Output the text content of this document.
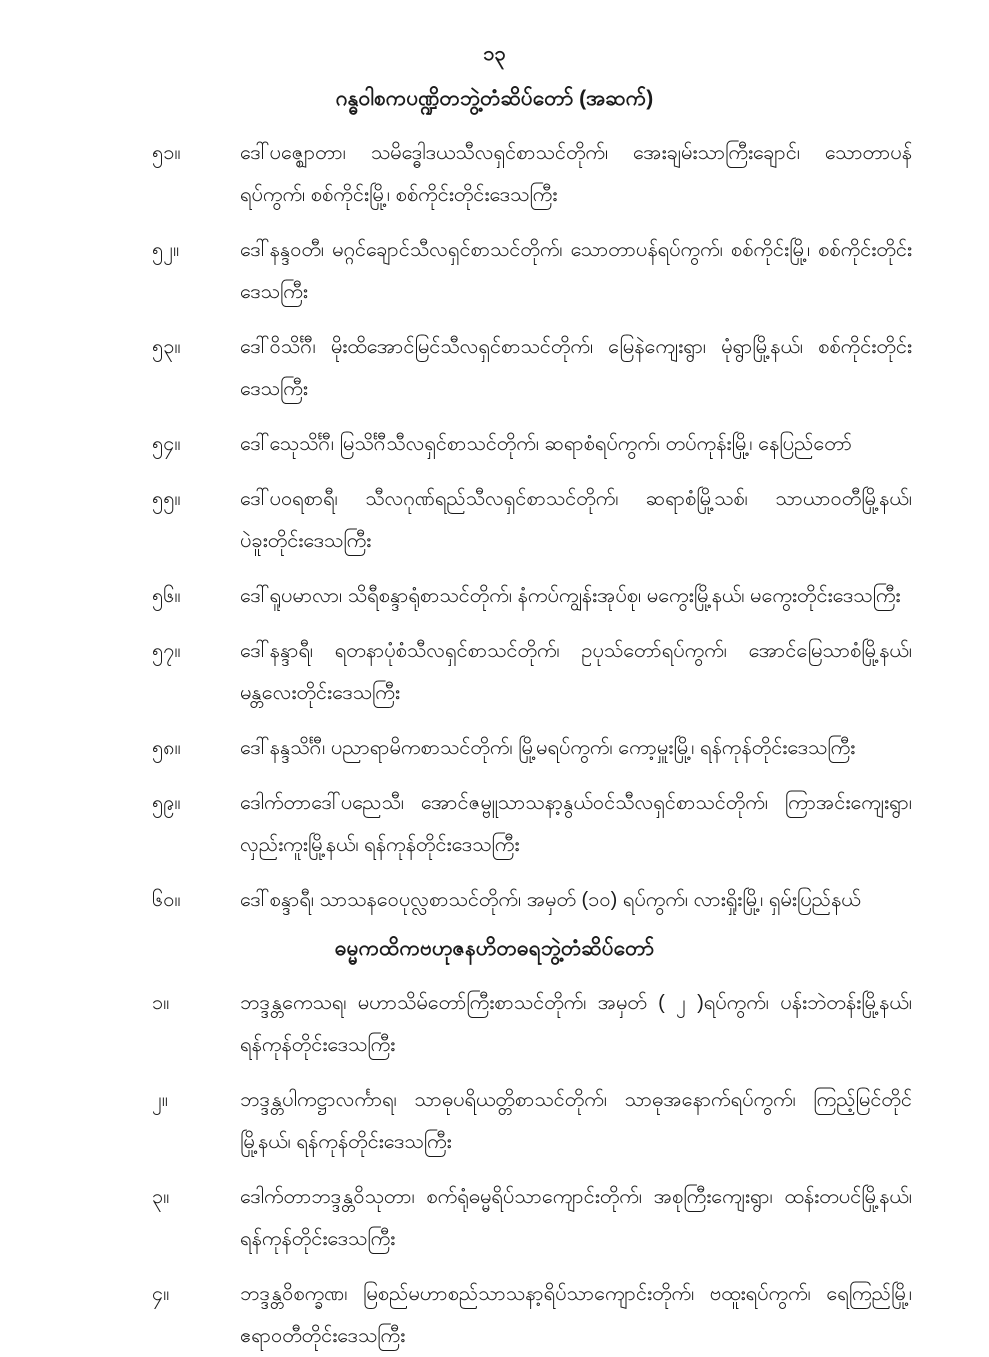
၁၃
ဂန္ဓဝါစကပဏ္ဍိတဘွဲ့တံဆိပ်တော် (အဆက်)
၅၁။	ဒေါ်ပဇ္ဈောတာ၊ သမိဒ္ဓေါဒယသီလရှင်စာသင်တိုက်၊ အေးချမ်းသာကြီးချောင်၊ သောတာပန်ရပ်ကွက်၊ စစ်ကိုင်းမြို့၊ စစ်ကိုင်းတိုင်းဒေသကြီး
၅၂။	ဒေါ်နန္ဒဝတီ၊ မဂ္ဂင်ချောင်သီလရှင်စာသင်တိုက်၊ သောတာပန်ရပ်ကွက်၊ စစ်ကိုင်းမြို့၊ စစ်ကိုင်းတိုင်းဒေသကြီး
၅၃။	ဒေါ်ဝိသိင်္ဂီ၊ မိုးထိအောင်မြင်သီလရှင်စာသင်တိုက်၊ မြေနဲကျေးရွာ၊ မုံရွာမြို့နယ်၊ စစ်ကိုင်းတိုင်းဒေသကြီး
၅၄။	ဒေါ်သေုသိင်္ဂီ၊ မြသိင်္ဂီသီလရှင်စာသင်တိုက်၊ ဆရာစံရပ်ကွက်၊ တပ်ကုန်းမြို့၊ နေပြည်တော်
၅၅။	ဒေါ်ပဝရစာရီ၊ သီလဂုဏ်ရည်သီလရှင်စာသင်တိုက်၊ ဆရာစံမြို့သစ်၊ သာယာဝတီမြို့နယ်၊ ပဲခူးတိုင်းဒေသကြီး
၅၆။	ဒေါ်ရူပမာလာ၊ သိရီစန္ဒာရုံစာသင်တိုက်၊ နံကပ်ကျွန်းအုပ်စု၊ မကွေးမြို့နယ်၊ မကွေးတိုင်းဒေသကြီး
၅၇။	ဒေါ်နန္ဒာရီ၊ ရတနာပုံစံသီလရှင်စာသင်တိုက်၊ ဥပုသ်တော်ရပ်ကွက်၊ အောင်မြေသာစံမြို့နယ်၊ မန္တလေးတိုင်းဒေသကြီး
၅၈။	ဒေါ်နန္ဒသိင်္ဂီ၊ ပညာရာမိကစာသင်တိုက်၊ မြို့မရပ်ကွက်၊ ကော့မှူးမြို့၊ ရန်ကုန်တိုင်းဒေသကြီး
၅၉။	ဒေါက်တာဒေါ်ပညေသီ၊ အောင်ဇမ္ဗူသာသနာ့နွယ်ဝင်သီလရှင်စာသင်တိုက်၊ ကြာအင်းကျေးရွာ၊ လှည်းကူးမြို့နယ်၊ ရန်ကုန်တိုင်းဒေသကြီး
၆၀။	ဒေါ်စန္ဒာရီ၊ သာသနဝေပုလ္လစာသင်တိုက်၊ အမှတ် (၁၀) ရပ်ကွက်၊ လားရှိုးမြို့၊ ရှမ်းပြည်နယ်
ဓမ္မကထိကဗဟုဇနဟိတဓရဘွဲ့တံဆိပ်တော်
၁။	ဘဒ္ဒန္တကေသရ၊ မဟာသိမ်တော်ကြီးစာသင်တိုက်၊ အမှတ် ( ၂ )ရပ်ကွက်၊ ပန်းဘဲတန်းမြို့နယ်၊ ရန်ကုန်တိုင်းဒေသကြီး
၂။	ဘဒ္ဒန္တပါကဋ္ဌာလင်္ကာရ၊ သာဓုပရိယတ္တိစာသင်တိုက်၊ သာဓုအနောက်ရပ်ကွက်၊ ကြည့်မြင်တိုင်မြို့နယ်၊ ရန်ကုန်တိုင်းဒေသကြီး
၃။	ဒေါက်တာဘဒ္ဒန္တဝိသုတာ၊ စက်ရုံဓမ္မရိပ်သာကျောင်းတိုက်၊ အစုကြီးကျေးရွာ၊ ထန်းတပင်မြို့နယ်၊ ရန်ကုန်တိုင်းဒေသကြီး
၄။	ဘဒ္ဒန္တဝိစက္ခဏ၊ မြစည်မဟာစည်သာသနာ့ရိပ်သာကျောင်းတိုက်၊ ဗထူးရပ်ကွက်၊ ရေကြည်မြို့၊ ဧရာဝတီတိုင်းဒေသကြီး
